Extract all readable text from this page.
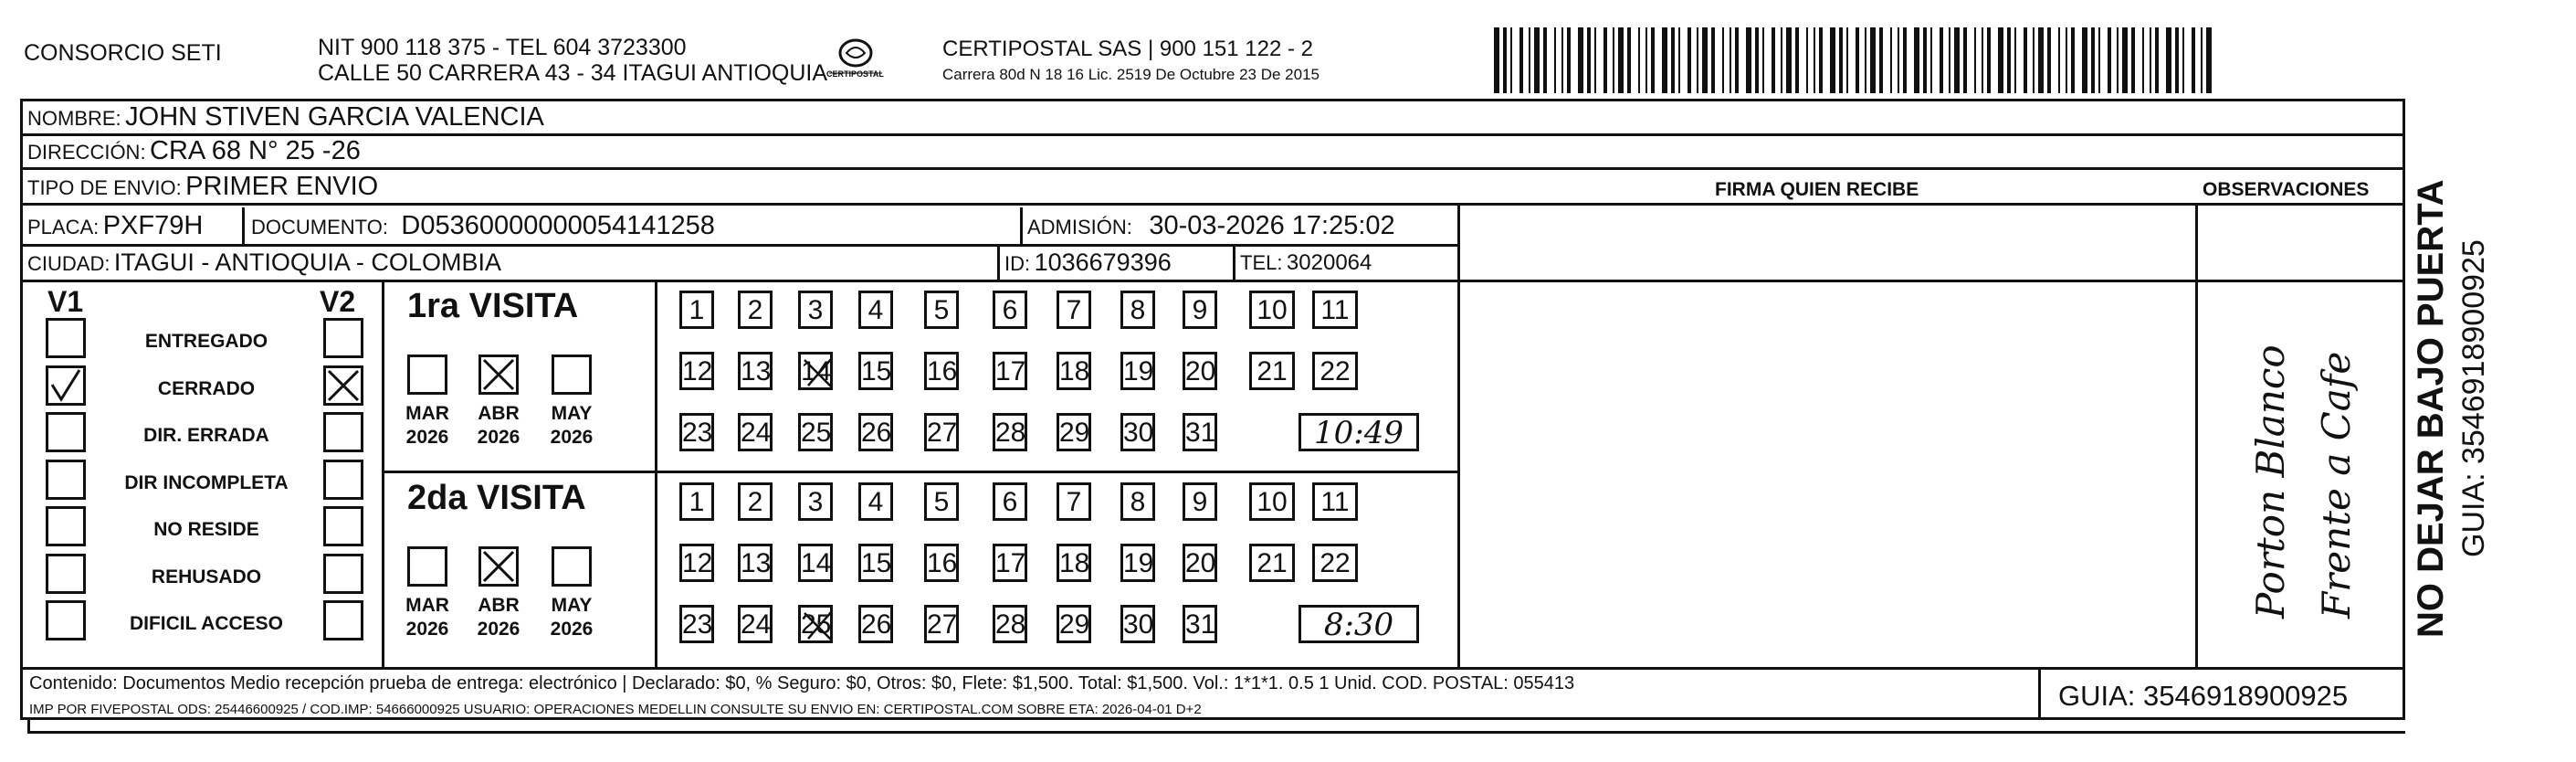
CONSORCIO SETI	NIT 900 118 375 - TEL 604 3723300
CALLE 50 CARRERA 43 - 34 ITAGUI ANTIOQUIA
CERTIPOSTAL
CERTIPOSTAL SAS | 900 151 122 - 2
Carrera 80d N 18 16 Lic. 2519 De Octubre 23 De 2015
NOMBRE: JOHN STIVEN GARCIA VALENCIA
DIRECCIÓN: CRA 68 N° 25 -26
TIPO DE ENVIO: PRIMER ENVIO	FIRMA QUIEN RECIBE	OBSERVACIONES
PLACA: PXF79H DOCUMENTO: D05360000000054141258	ADMISIÓN: 30-03-2026 17:25:02
CIUDAD: ITAGUI - ANTIOQUIA - COLOMBIA	ID: 1036679396	TEL: 3020064
V1	V2
ENTREGADO
CERRADO
DIR. ERRADA
DIR INCOMPLETA
NO RESIDE
REHUSADO
DIFICIL ACCESO
1ra VISITA
2da VISITA
MAR
2026
ABR
2026
MAY
2026
1	2	3	4	5	6	7	8	9	10	11
12 13 14 15 16 17 18 19 20 21 22
23 24 25 26 27 28 29 30 31	10:49
MAR
2026
ABR
2026
MAY
2026
1	2	3	4	5	6	7	8	9	10	11
12 13 14 15 16 17 18 19 20 21 22
23 24 25 26 27 28 29 30 31	8:30
Porton Blanco Frente a Cafe
Contenido: Documentos Medio recepción prueba de entrega: electrónico | Declarado: $0, % Seguro: $0, Otros: $0, Flete: $1,500. Total: $1,500. Vol.: 1*1*1. 0.5 1 Unid. COD. POSTAL: 055413
IMP POR FIVEPOSTAL ODS: 25446600925 / COD.IMP: 54666000925 USUARIO: OPERACIONES MEDELLIN CONSULTE SU ENVIO EN: CERTIPOSTAL.COM SOBRE ETA: 2026-04-01 D+2	GUIA: 3546918900925
NO DEJAR BAJO PUERTA GUIA: 3546918900925
